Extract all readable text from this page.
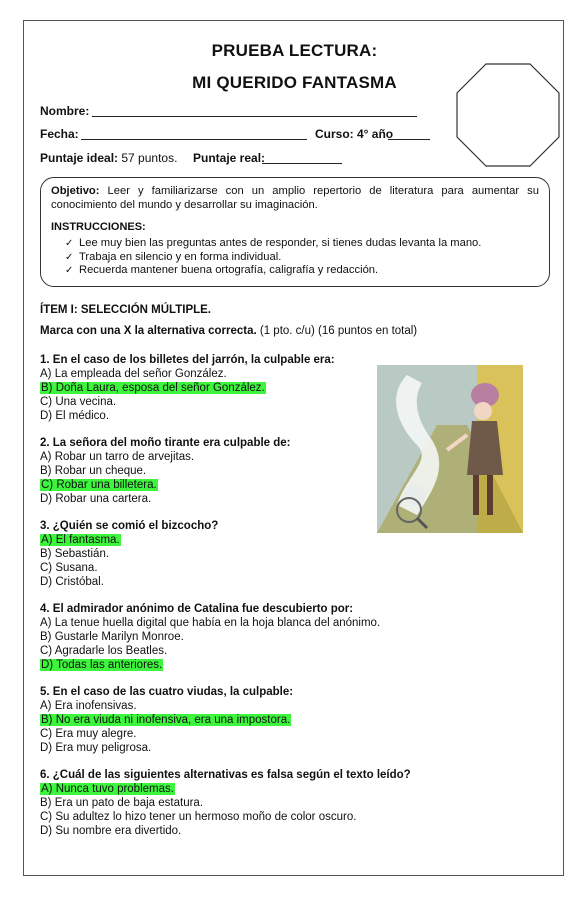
PRUEBA LECTURA:
MI QUERIDO FANTASMA
Nombre:
Fecha:	Curso: 4° año
Puntaje ideal: 57 puntos. Puntaje real:
Objetivo: Leer y familiarizarse con un amplio repertorio de literatura para aumentar su conocimiento del mundo y desarrollar su imaginación.
INSTRUCCIONES:
✓ Lee muy bien las preguntas antes de responder, si tienes dudas levanta la mano.
✓ Trabaja en silencio y en forma individual.
✓ Recuerda mantener buena ortografía, caligrafía y redacción.
ÍTEM I: SELECCIÓN MÚLTIPLE.
Marca con una X la alternativa correcta. (1 pto. c/u) (16 puntos en total)
1. En el caso de los billetes del jarrón, la culpable era:
A) La empleada del señor González.
B) Doña Laura, esposa del señor González.
C) Una vecina.
D) El médico.
2. La señora del moño tirante era culpable de:
A) Robar un tarro de arvejitas.
B) Robar un cheque.
C) Robar una billetera.
D) Robar una cartera.
3. ¿Quién se comió el bizcocho?
A) El fantasma.
B) Sebastián.
C) Susana.
D) Cristóbal.
4. El admirador anónimo de Catalina fue descubierto por:
A) La tenue huella digital que había en la hoja blanca del anónimo.
B) Gustarle Marilyn Monroe.
C) Agradarle los Beatles.
D) Todas las anteriores.
5. En el caso de las cuatro viudas, la culpable:
A) Era inofensivas.
B) No era viuda ni inofensiva, era una impostora.
C) Era muy alegre.
D) Era muy peligrosa.
6. ¿Cuál de las siguientes alternativas es falsa según el texto leído?
A) Nunca tuvo problemas.
B) Era un pato de baja estatura.
C) Su adultez lo hizo tener un hermoso moño de color oscuro.
D) Su nombre era divertido.
